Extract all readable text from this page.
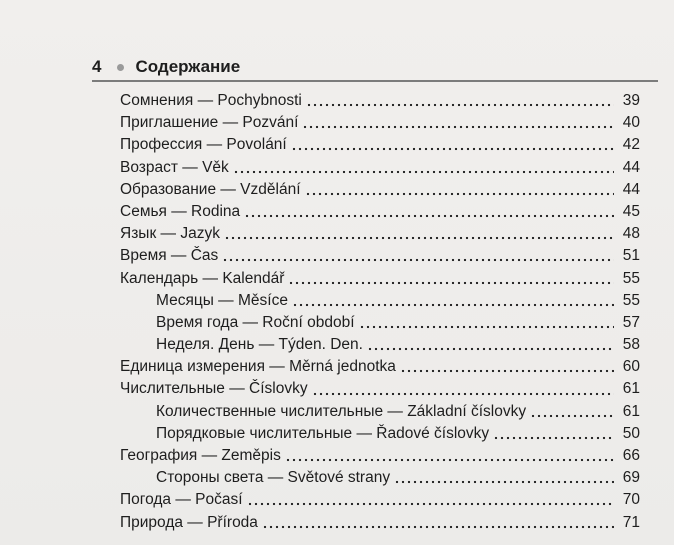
4 Содержание
Сомнения — Pochybnosti	39
Приглашение — Pozvání	40
Профессия — Povolání	42
Возраст — Věk	44
Образование — Vzdělání	44
Семья — Rodina	45
Язык — Jazyk	48
Время — Čas	51
Календарь — Kalendář	55
Месяцы — Měsíce	55
Время года — Roční období	57
Неделя. День — Týden. Den.	58
Единица измерения — Měrná jednotka	60
Числительные — Číslovky	61
Количественные числительные — Základní číslovky	61
Порядковые числительные — Řadové číslovky	50
География — Zeměpis	66
Стороны света — Světové strany	69
Погода — Počasí	70
Природа — Příroda	71
